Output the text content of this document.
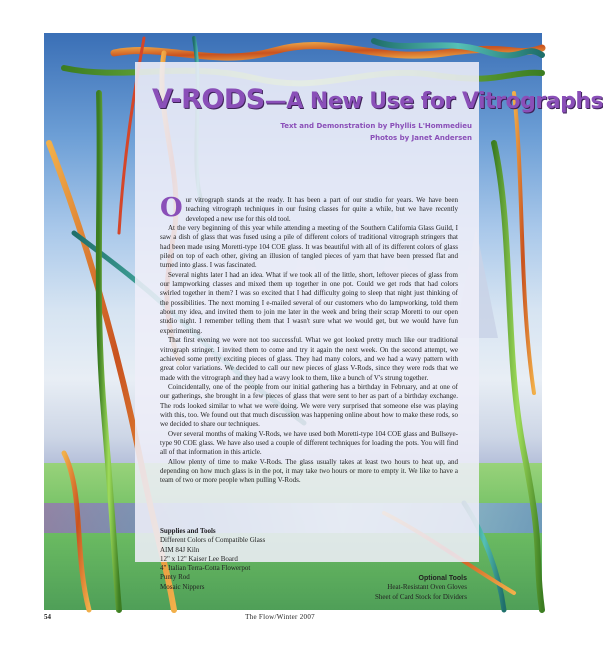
V-RODS—A New Use for Vitrographs
Text and Demonstration by Phyllis L'Hommedieu
Photos by Janet Andersen

Our vitrograph stands at the ready. It has been a part of our studio for years. We have been teaching vitrograph techniques in our fusing classes for quite a while, but we have recently developed a new use for this old tool.

At the very beginning of this year while attending a meeting of the Southern California Glass Guild, I saw a dish of glass that was fused using a pile of different colors of traditional vitrograph stringers that had been made using Moretti-type 104 COE glass. It was beautiful with all of its different colors of glass piled on top of each other, giving an illusion of tangled pieces of yarn that have been pressed flat and turned into glass. I was fascinated.

Several nights later I had an idea. What if we took all of the little, short, leftover pieces of glass from our lampworking classes and mixed them up together in one pot. Could we get rods that had colors swirled together in them? I was so excited that I had difficulty going to sleep that night just thinking of the possibilities. The next morning I e-mailed several of our customers who do lampworking, told them about my idea, and invited them to join me later in the week and bring their scrap Moretti to our open studio night. I remember telling them that I wasn't sure what we would get, but we would have fun experimenting.

That first evening we were not too successful. What we got looked pretty much like our traditional vitrograph stringer. I invited them to come and try it again the next week. On the second attempt, we achieved some pretty exciting pieces of glass. They had many colors, and we had a wavy pattern with great color variations. We decided to call our new pieces of glass V-Rods, since they were rods that we made with the vitrograph and they had a wavy look to them, like a bunch of V's strung together.

Coincidentally, one of the people from our initial gathering has a birthday in February, and at one of our gatherings, she brought in a few pieces of glass that were sent to her as part of a birthday exchange. The rods looked similar to what we were doing. We were very surprised that someone else was playing with this, too. We found out that much discussion was happening online about how to make these rods, so we decided to share our techniques.

Over several months of making V-Rods, we have used both Moretti-type 104 COE glass and Bullseye-type 90 COE glass. We have also used a couple of different techniques for loading the pots. You will find all of that information in this article.

Allow plenty of time to make V-Rods. The glass usually takes at least two hours to heat up, and depending on how much glass is in the pot, it may take two hours or more to empty it. We like to have a team of two or more people when pulling V-Rods.

Supplies and Tools
Different Colors of Compatible Glass
AIM 84J Kiln
12" x 12" Kaiser Lee Board
4" Italian Terra-Cotta Flowerpot
Punty Rod
Mosaic Nippers
Optional Tools
Heat-Resistant Oven Gloves
Sheet of Card Stock for Dividers
54	The Flow/Winter 2007
